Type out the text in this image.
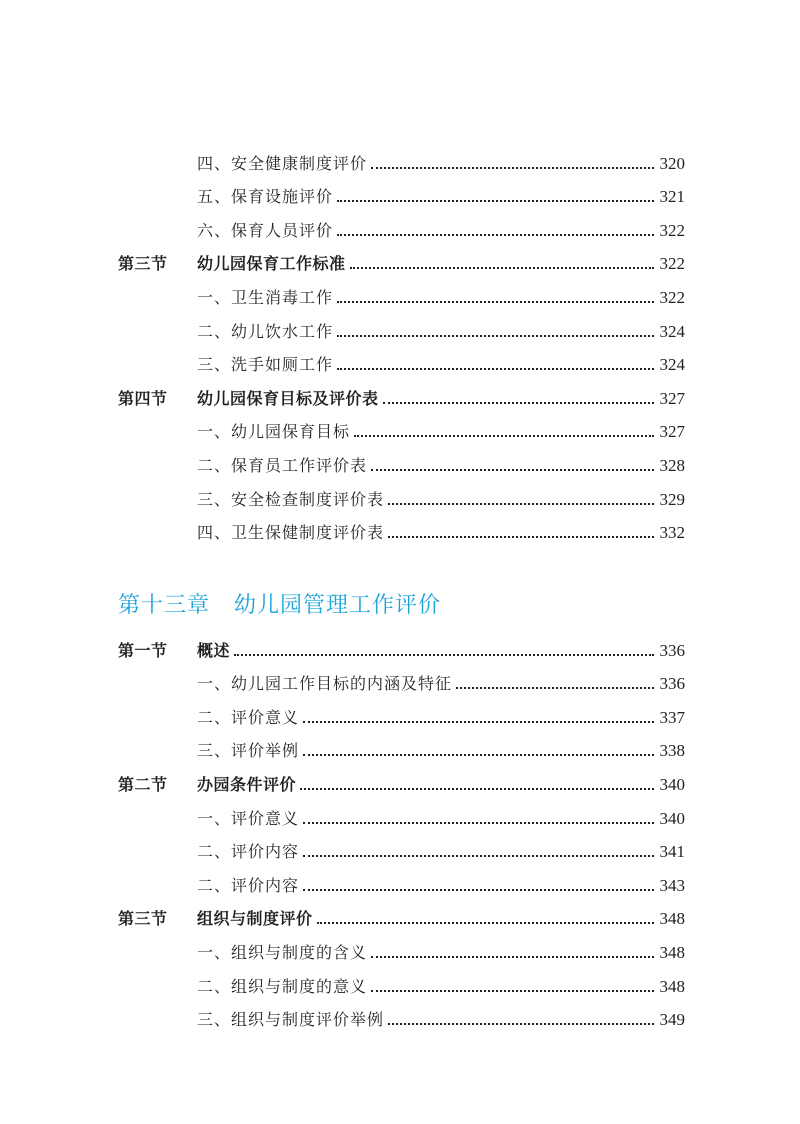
四、安全健康制度评价	320
五、保育设施评价	321
六、保育人员评价	322
第三节 幼儿园保育工作标准	322
一、卫生消毒工作	322
二、幼儿饮水工作	324
三、洗手如厕工作	324
第四节 幼儿园保育目标及评价表	327
一、幼儿园保育目标	327
二、保育员工作评价表	328
三、安全检查制度评价表	329
四、卫生保健制度评价表	332
第十三章 幼儿园管理工作评价
第一节 概述	336
一、幼儿园工作目标的内涵及特征	336
二、评价意义	337
三、评价举例	338
第二节 办园条件评价	340
一、评价意义	340
二、评价内容	341
二、评价内容	343
第三节 组织与制度评价	348
一、组织与制度的含义	348
二、组织与制度的意义	348
三、组织与制度评价举例	349
